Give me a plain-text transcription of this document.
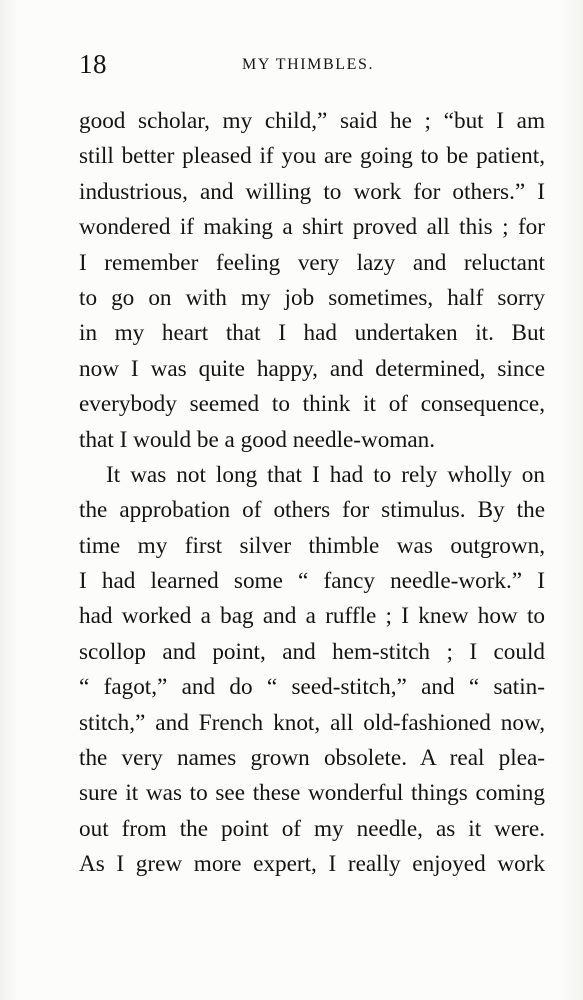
18	MY THIMBLES.
good scholar, my child,” said he ; “but I am
still better pleased if you are going to be patient,
industrious, and willing to work for others.” I
wondered if making a shirt proved all this ; for
I remember feeling very lazy and reluctant
to go on with my job sometimes, half sorry
in my heart that I had undertaken it. But
now I was quite happy, and determined, since
everybody seemed to think it of consequence,
that I would be a good needle-woman.
It was not long that I had to rely wholly on
the approbation of others for stimulus. By the
time my first silver thimble was outgrown,
I had learned some “ fancy needle-work.” I
had worked a bag and a ruffle ; I knew how to
scollop and point, and hem-stitch ; I could
“ fagot,” and do “ seed-stitch,” and “ satin-
stitch,” and French knot, all old-fashioned now,
the very names grown obsolete. A real plea-
sure it was to see these wonderful things coming
out from the point of my needle, as it were.
As I grew more expert, I really enjoyed work
